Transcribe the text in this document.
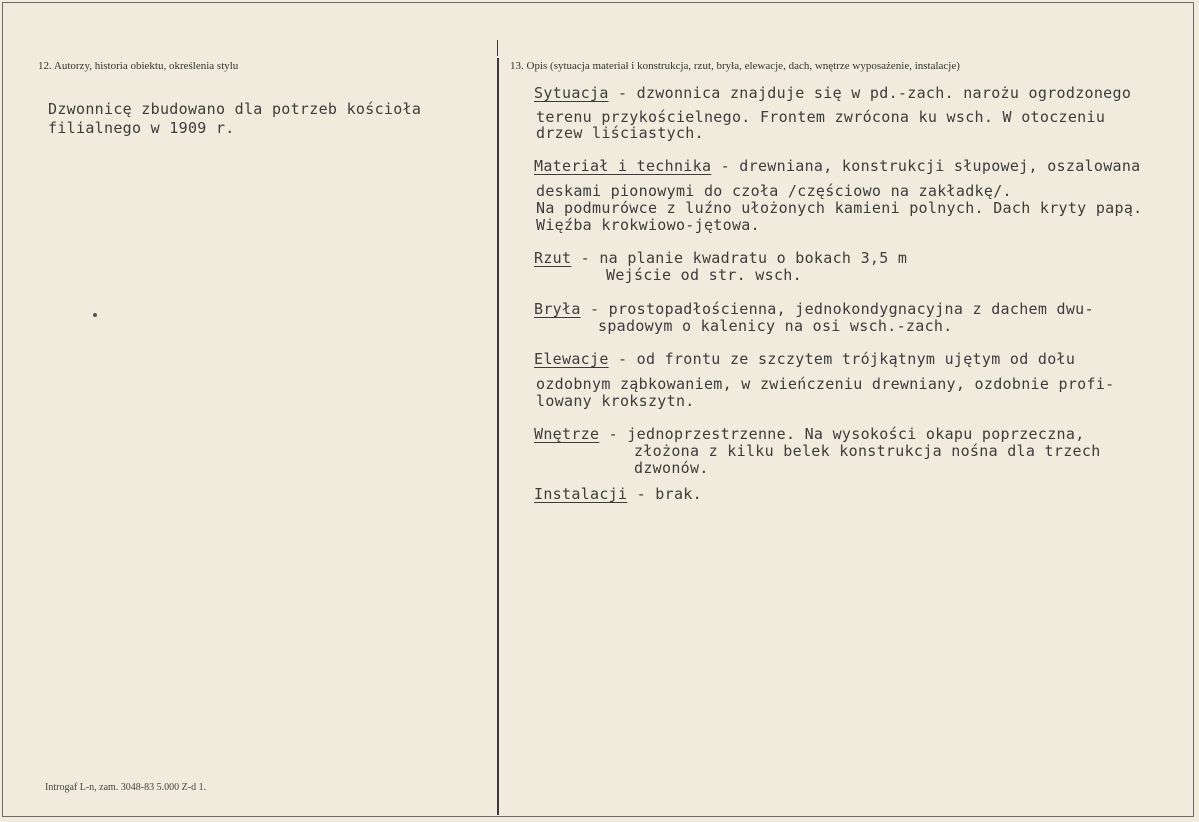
12. Autorzy, historia obiektu, określenia stylu	13. Opis (sytuacja materiał i konstrukcja, rzut, bryła, elewacje, dach, wnętrze wyposażenie, instalacje)
Dzwonnicę zbudowano dla potrzeb kościoła
filialnego w 1909 r.
Sytuacja - dzwonnica znajduje się w pd.-zach. narożu ogrodzonego
terenu przykościelnego. Frontem zwrócona ku wsch. W otoczeniu
drzew liściastych.
Materiał i technika - drewniana, konstrukcji słupowej, oszalowana
deskami pionowymi do czoła /częściowo na zakładkę/.
Na podmurówce z luźno ułożonych kamieni polnych. Dach kryty papą.
Więźba krokwiowo-jętowa.
Rzut - na planie kwadratu o bokach 3,5 m
Wejście od str. wsch.
Bryła - prostopadłościenna, jednokondygnacyjna z dachem dwu-
spadowym o kalenicy na osi wsch.-zach.
Elewacje - od frontu ze szczytem trójkątnym ujętym od dołu
ozdobnym ząbkowaniem, w zwieńczeniu drewniany, ozdobnie profi-
lowany krokszytn.
Wnętrze - jednoprzestrzenne. Na wysokości okapu poprzeczna,
złożona z kilku belek konstrukcja nośna dla trzech
dzwonów.
Instalacji - brak.
Introgaf L-n, zam. 3048-83 5.000 Z-d 1.
